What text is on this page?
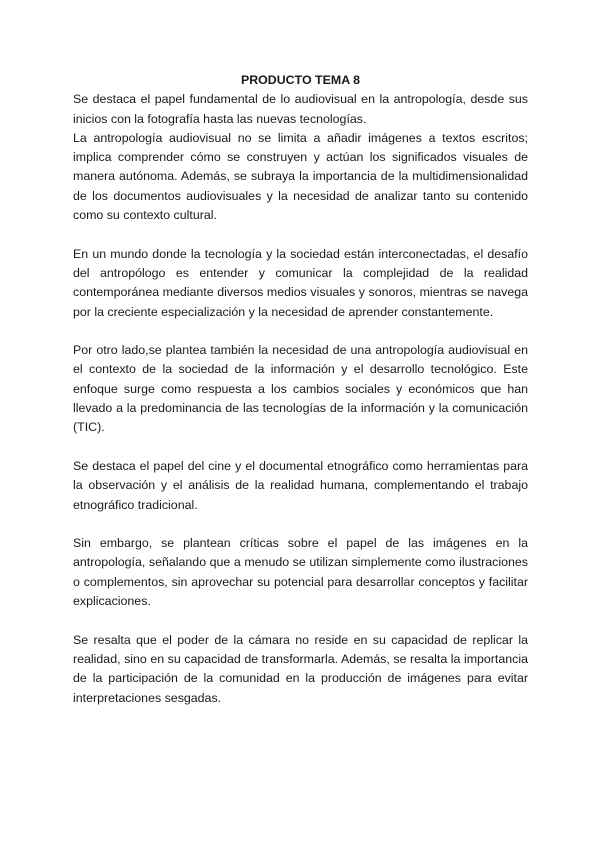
PRODUCTO TEMA 8

Se destaca el papel fundamental de lo audiovisual en la antropología, desde sus inicios con la fotografía hasta las nuevas tecnologías.

La antropología audiovisual no se limita a añadir imágenes a textos escritos; implica comprender cómo se construyen y actúan los significados visuales de manera autónoma. Además, se subraya la importancia de la multidimensionalidad de los documentos audiovisuales y la necesidad de analizar tanto su contenido como su contexto cultural.

En un mundo donde la tecnología y la sociedad están interconectadas, el desafío del antropólogo es entender y comunicar la complejidad de la realidad contemporánea mediante diversos medios visuales y sonoros, mientras se navega por la creciente especialización y la necesidad de aprender constantemente.

Por otro lado,se plantea también la necesidad de una antropología audiovisual en el contexto de la sociedad de la información y el desarrollo tecnológico. Este enfoque surge como respuesta a los cambios sociales y económicos que han llevado a la predominancia de las tecnologías de la información y la comunicación (TIC).

Se destaca el papel del cine y el documental etnográfico como herramientas para la observación y el análisis de la realidad humana, complementando el trabajo etnográfico tradicional.

Sin embargo, se plantean críticas sobre el papel de las imágenes en la antropología, señalando que a menudo se utilizan simplemente como ilustraciones o complementos, sin aprovechar su potencial para desarrollar conceptos y facilitar explicaciones.

Se resalta que el poder de la cámara no reside en su capacidad de replicar la realidad, sino en su capacidad de transformarla. Además, se resalta la importancia de la participación de la comunidad en la producción de imágenes para evitar interpretaciones sesgadas.
